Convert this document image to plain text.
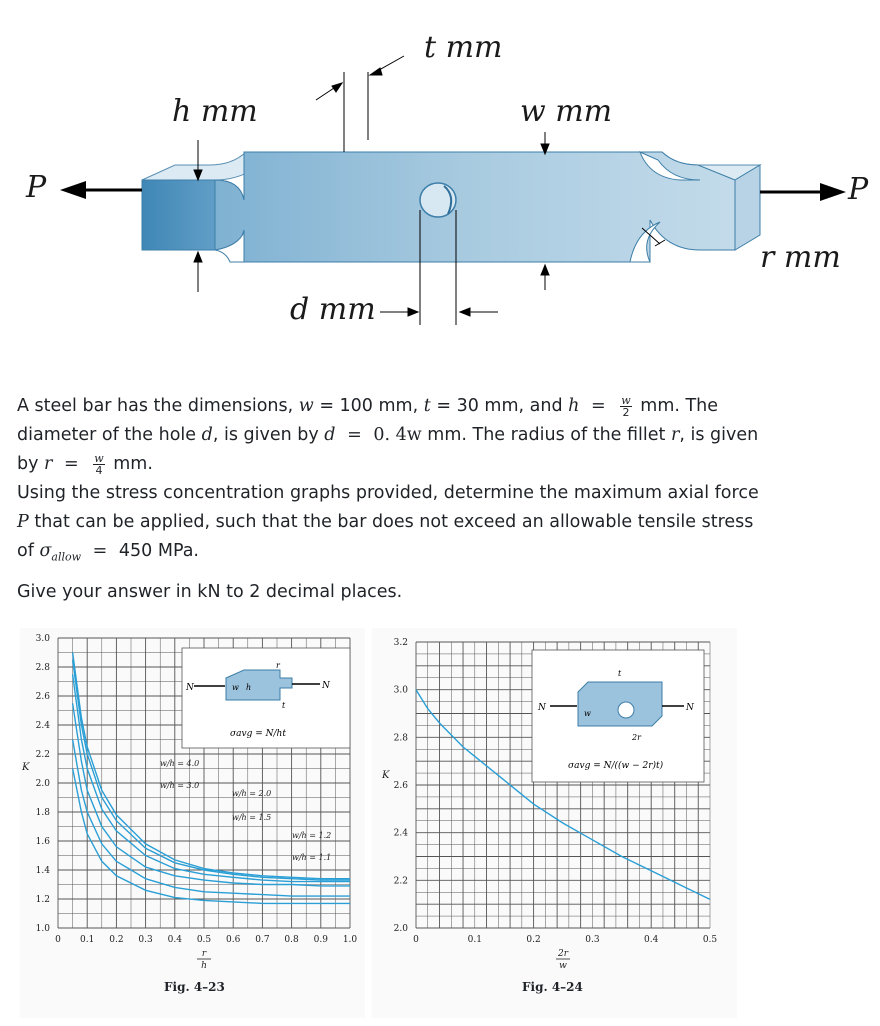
t mm
h mm	w mm
P	P
r mm
d mm

A steel bar has the dimensions, w = 100 mm, t = 30 mm, and $h = \frac{w}{2}$ mm. The

diameter of the hole d, is given by d = 0. 4w mm. The radius of the fillet r, is given

by $r = \frac{w}{4}$ mm.

Using the stress concentration graphs provided, determine the maximum axial force

P that can be applied, such that the bar does not exceed an allowable tensile stress

of $\sigma_{allow} = 450$ MPa.

Give your answer in kN to 2 decimal places.
3.0
2.8
2.6
2.4
2.2
2.0
1.8
1.6
1.4
1.2
1.0
0 0.1 0.2 0.3 0.4 0.5 0.6 0.7 0.8 0.9 1.0
K
r
h
N	N
w h
r
t
σavg = N/ht
w/h = 4.0
w/h = 3.0
w/h = 2.0
w/h = 1.5
w/h = 1.2
w/h = 1.1
Fig. 4–23
3.2
3.0
2.8
2.6
2.4
2.2
2.0
0	0.1	0.2	0.3	0.4	0.5
K
2r
w
N	N
w
t
2r
σavg = N/((w − 2r)t)
Fig. 4–24
